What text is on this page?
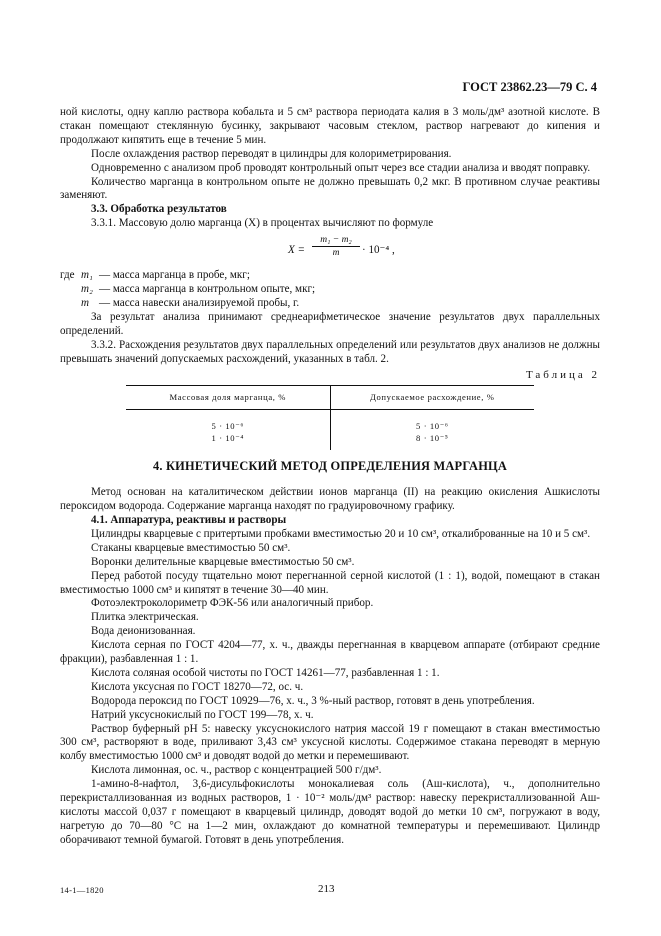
ГОСТ 23862.23—79 С. 4

ной кислоты, одну каплю раствора кобальта и 5 см³ раствора периодата калия в 3 моль/дм³ азотной кислоте. В стакан помещают стеклянную бусинку, закрывают часовым стеклом, раствор нагревают до кипения и продолжают кипятить еще в течение 5 мин.

После охлаждения раствор переводят в цилиндры для колориметрирования.

Одновременно с анализом проб проводят контрольный опыт через все стадии анализа и вводят поправку.

Количество марганца в контрольном опыте не должно превышать 0,2 мкг. В противном случае реактивы заменяют.

3.3. Обработка результатов

3.3.1. Массовую долю марганца (X) в процентах вычисляют по формуле

$X = \frac{\text{m₁ − m₂}}{m} \cdot 10^{-4}$ ,
где m₁ — масса марганца в пробе, мкг;
m₂ — масса марганца в контрольном опыте, мкг;
m — масса навески анализируемой пробы, г.

За результат анализа принимают среднеарифметическое значение результатов двух параллельных определений.

3.3.2. Расхождения результатов двух параллельных определений или результатов двух анализов не должны превышать значений допускаемых расхождений, указанных в табл. 2.

Таблица 2
Массовая доля марганца, %	Допускаемое расхождение, %
5 · 10⁻⁶	5 · 10⁻⁶
1 · 10⁻⁴	8 · 10⁻⁵
4. КИНЕТИЧЕСКИЙ МЕТОД ОПРЕДЕЛЕНИЯ МАРГАНЦА

Метод основан на каталитическом действии ионов марганца (II) на реакцию окисления Ашкислоты пероксидом водорода. Содержание марганца находят по градуировочному графику.

4.1. Аппаратура, реактивы и растворы

Цилиндры кварцевые с притертыми пробками вместимостью 20 и 10 см³, откалиброванные на 10 и 5 см³.

Стаканы кварцевые вместимостью 50 см³.

Воронки делительные кварцевые вместимостью 50 см³.

Перед работой посуду тщательно моют перегнанной серной кислотой (1 : 1), водой, помещают в стакан вместимостью 1000 см³ и кипятят в течение 30—40 мин.

Фотоэлектроколориметр ФЭК-56 или аналогичный прибор.

Плитка электрическая.

Вода деионизованная.

Кислота серная по ГОСТ 4204—77, х. ч., дважды перегнанная в кварцевом аппарате (отбирают средние фракции), разбавленная 1 : 1.

Кислота соляная особой чистоты по ГОСТ 14261—77, разбавленная 1 : 1.

Кислота уксусная по ГОСТ 18270—72, ос. ч.

Водорода пероксид по ГОСТ 10929—76, х. ч., 3 %-ный раствор, готовят в день употребления.

Натрий уксуснокислый по ГОСТ 199—78, х. ч.

Раствор буферный рН 5: навеску уксуснокислого натрия массой 19 г помещают в стакан вместимостью 300 см³, растворяют в воде, приливают 3,43 см³ уксусной кислоты. Содержимое стакана переводят в мерную колбу вместимостью 1000 см³ и доводят водой до метки и перемешивают.

Кислота лимонная, ос. ч., раствор с концентрацией 500 г/дм³.

1-амино-8-нафтол, 3,6-дисульфокислоты монокалиевая соль (Аш-кислота), ч., дополнительно перекристаллизованная из водных растворов, 1 · 10⁻² моль/дм³ раствор: навеску перекристаллизованной Аш-кислоты массой 0,037 г помещают в кварцевый цилиндр, доводят водой до метки 10 см³, погружают в воду, нагретую до 70—80 °С на 1—2 мин, охлаждают до комнатной температуры и перемешивают. Цилиндр оборачивают темной бумагой. Готовят в день употребления.

14-1—1820	213
